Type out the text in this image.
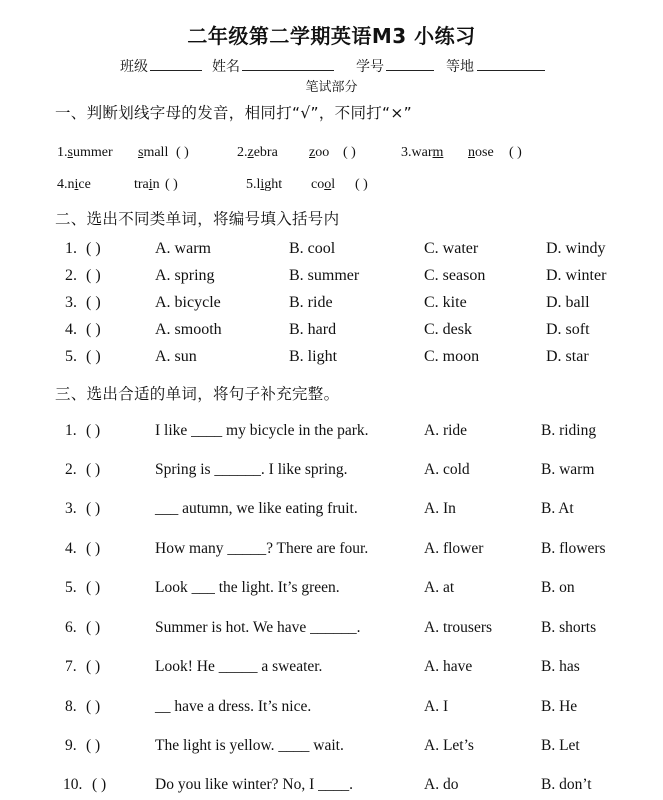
二年级第二学期英语M3 小练习
班级	姓名	学号	等地
笔试部分
一、判断划线字母的发音，相同打“√”，不同打“×”
1.summer small ( )	2.zebra zoo ( )	3.warm nose ( )
4.nice	train ( )	5.light cool ( )
二、选出不同类单词，将编号填入括号内
1. ( )	A. warm	B. cool	C. water	D. windy
2. ( )	A. spring	B. summer	C. season	D. winter
3. ( )	A. bicycle	B. ride	C. kite	D. ball
4. ( )	A. smooth	B. hard	C. desk	D. soft
5. ( )	A. sun	B. light	C. moon	D. star
三、选出合适的单词，将句子补充完整。
1. ( )	I like ____ my bicycle in the park.	A. ride	B. riding
2. ( )	Spring is ______. I like spring.	A. cold	B. warm
3. ( )	___ autumn, we like eating fruit.	A. In	B. At
4. ( )	How many _____? There are four.	A. flower	B. flowers
5. ( )	Look ___ the light. It’s green.	A. at	B. on
6. ( )	Summer is hot. We have ______.	A. trousers	B. shorts
7. ( )	Look! He _____ a sweater.	A. have	B. has
8. ( )	__ have a dress. It’s nice.	A. I	B. He
9. ( )	The light is yellow. ____ wait.	A. Let’s	B. Let
10. ( )	Do you like winter? No, I ____.	A. do	B. don’t
